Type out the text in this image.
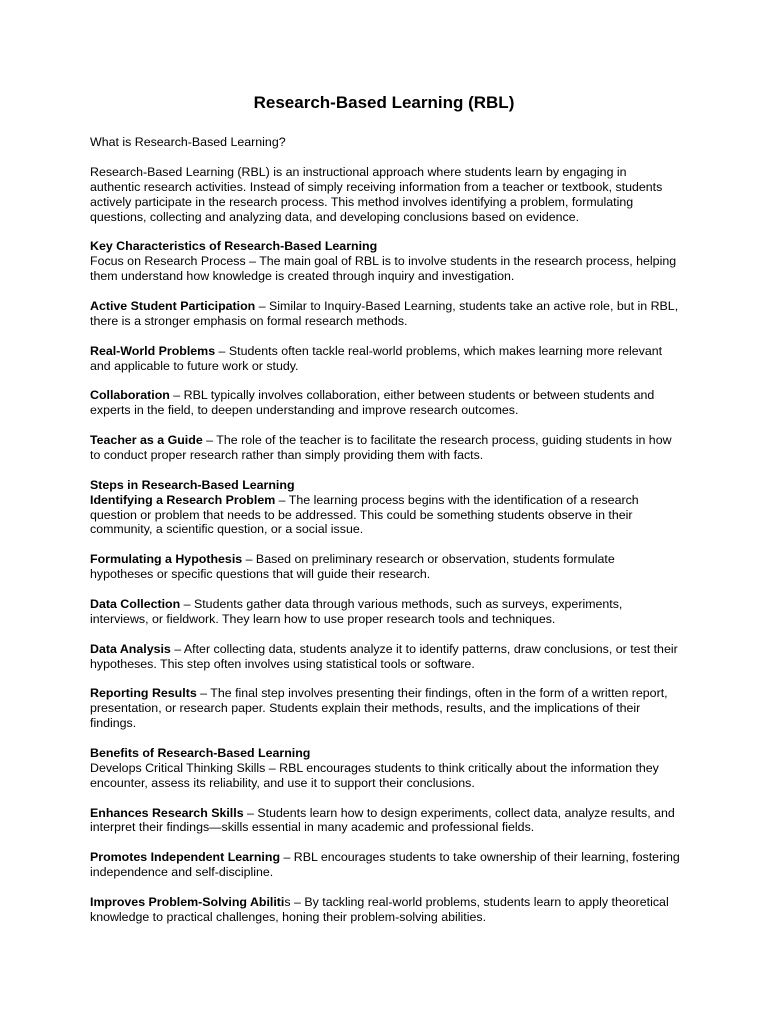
Research-Based Learning (RBL)

What is Research-Based Learning?

Research-Based Learning (RBL) is an instructional approach where students learn by engaging in authentic research activities. Instead of simply receiving information from a teacher or textbook, students actively participate in the research process. This method involves identifying a problem, formulating questions, collecting and analyzing data, and developing conclusions based on evidence.

Key Characteristics of Research-Based Learning
Focus on Research Process – The main goal of RBL is to involve students in the research process, helping them understand how knowledge is created through inquiry and investigation.

Active Student Participation – Similar to Inquiry-Based Learning, students take an active role, but in RBL, there is a stronger emphasis on formal research methods.

Real-World Problems – Students often tackle real-world problems, which makes learning more relevant and applicable to future work or study.

Collaboration – RBL typically involves collaboration, either between students or between students and experts in the field, to deepen understanding and improve research outcomes.

Teacher as a Guide – The role of the teacher is to facilitate the research process, guiding students in how to conduct proper research rather than simply providing them with facts.

Steps in Research-Based Learning
Identifying a Research Problem – The learning process begins with the identification of a research question or problem that needs to be addressed. This could be something students observe in their community, a scientific question, or a social issue.

Formulating a Hypothesis – Based on preliminary research or observation, students formulate hypotheses or specific questions that will guide their research.

Data Collection – Students gather data through various methods, such as surveys, experiments, interviews, or fieldwork. They learn how to use proper research tools and techniques.

Data Analysis – After collecting data, students analyze it to identify patterns, draw conclusions, or test their hypotheses. This step often involves using statistical tools or software.

Reporting Results – The final step involves presenting their findings, often in the form of a written report, presentation, or research paper. Students explain their methods, results, and the implications of their findings.

Benefits of Research-Based Learning
Develops Critical Thinking Skills – RBL encourages students to think critically about the information they encounter, assess its reliability, and use it to support their conclusions.

Enhances Research Skills – Students learn how to design experiments, collect data, analyze results, and interpret their findings—skills essential in many academic and professional fields.

Promotes Independent Learning – RBL encourages students to take ownership of their learning, fostering independence and self-discipline.

Improves Problem-Solving Abilitis – By tackling real-world problems, students learn to apply theoretical knowledge to practical challenges, honing their problem-solving abilities.
